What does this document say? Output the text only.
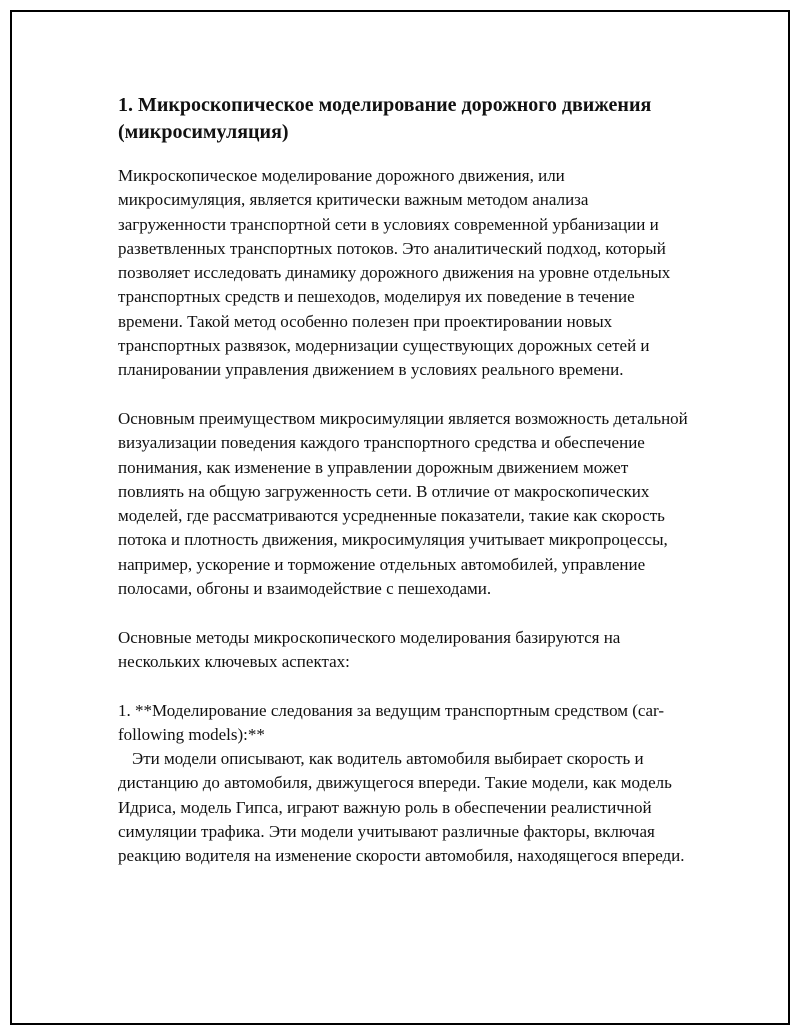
1. Микроскопическое моделирование дорожного движения (микросимуляция)

Микроскопическое моделирование дорожного движения, или микросимуляция, является критически важным методом анализа загруженности транспортной сети в условиях современной урбанизации и разветвленных транспортных потоков. Это аналитический подход, который позволяет исследовать динамику дорожного движения на уровне отдельных транспортных средств и пешеходов, моделируя их поведение в течение времени. Такой метод особенно полезен при проектировании новых транспортных развязок, модернизации существующих дорожных сетей и планировании управления движением в условиях реального времени.

Основным преимуществом микросимуляции является возможность детальной визуализации поведения каждого транспортного средства и обеспечение понимания, как изменение в управлении дорожным движением может повлиять на общую загруженность сети. В отличие от макроскопических моделей, где рассматриваются усредненные показатели, такие как скорость потока и плотность движения, микросимуляция учитывает микропроцессы, например, ускорение и торможение отдельных автомобилей, управление полосами, обгоны и взаимодействие с пешеходами.

Основные методы микроскопического моделирования базируются на нескольких ключевых аспектах:

1. **Моделирование следования за ведущим транспортным средством (car-following models):**

Эти модели описывают, как водитель автомобиля выбирает скорость и дистанцию до автомобиля, движущегося впереди. Такие модели, как модель Идриса, модель Гипса, играют важную роль в обеспечении реалистичной симуляции трафика. Эти модели учитывают различные факторы, включая реакцию водителя на изменение скорости автомобиля, находящегося впереди.
